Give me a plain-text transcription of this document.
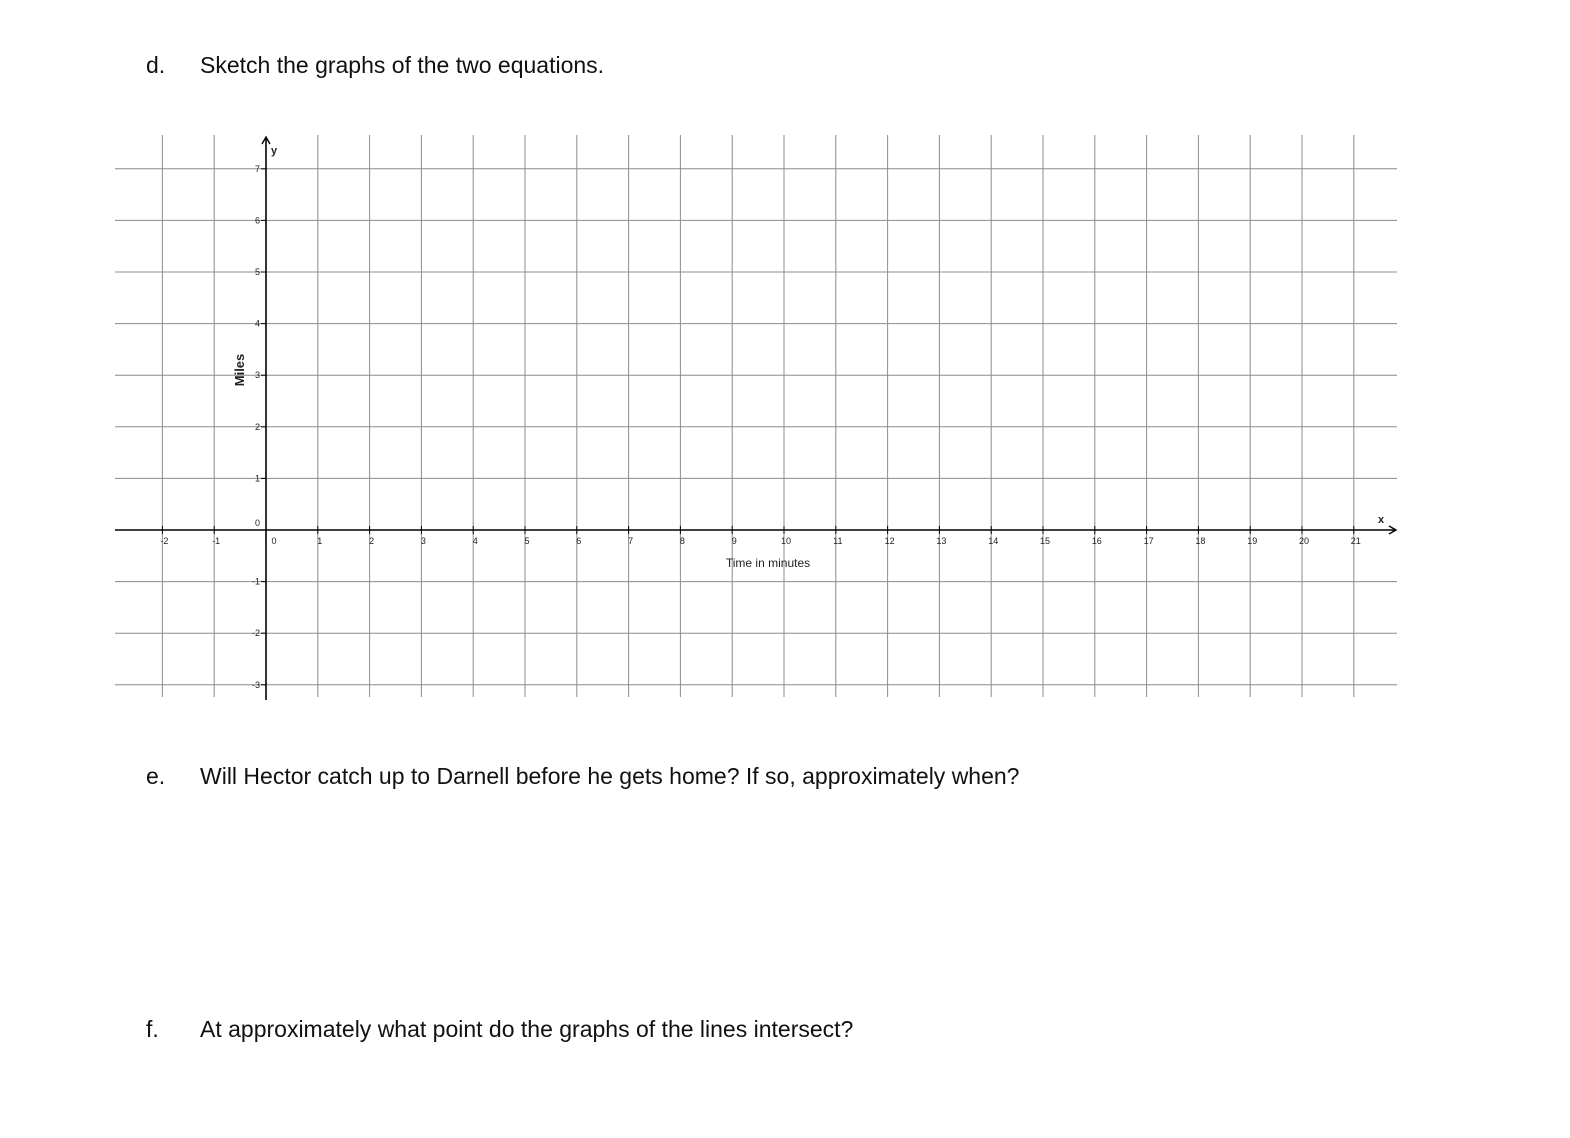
d. Sketch the graphs of the two equations.
-2	-1	0	1	2	3	4	5	6	7	8	9	10	11	12	13	14	15	16	17	18	19	20	21
-3
-2
-1
0
1
2
3
4
5
6
7
x
y
Time in minutes
Miles
e. Will Hector catch up to Darnell before he gets home? If so, approximately when?
f. At approximately what point do the graphs of the lines intersect?
